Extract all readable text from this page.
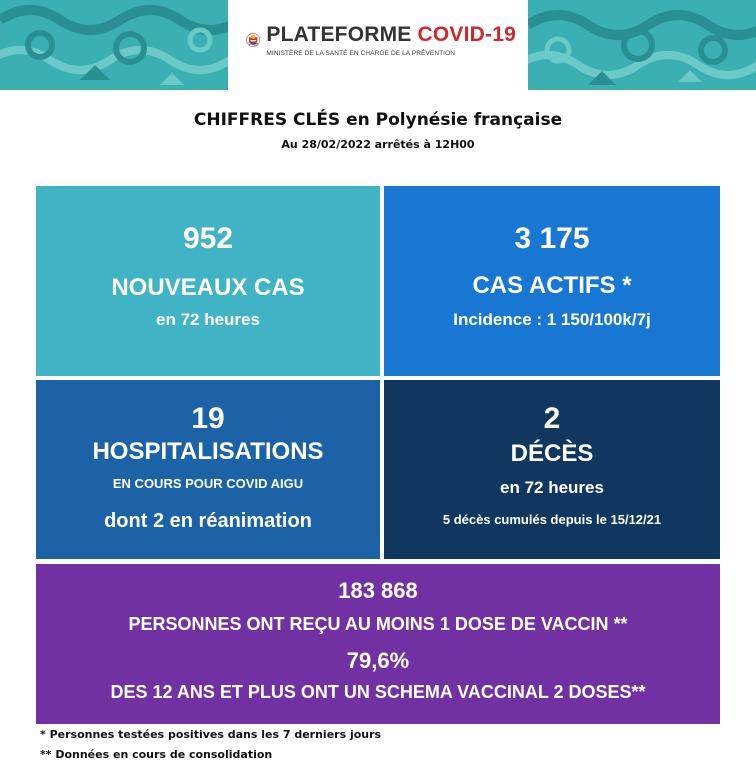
PLATEFORME COVID-19
MINISTÈRE DE LA SANTÉ EN CHARGE DE LA PRÉVENTION
CHIFFRES CLÉS en Polynésie française
Au 28/02/2022 arrêtés à 12H00
952
NOUVEAUX CAS
en 72 heures
3 175
CAS ACTIFS *
Incidence : 1 150/100k/7j
19
HOSPITALISATIONS
EN COURS POUR COVID AIGU
dont 2 en réanimation
2
DÉCÈS
en 72 heures
5 décès cumulés depuis le 15/12/21
183 868
PERSONNES ONT REÇU AU MOINS 1 DOSE DE VACCIN **
79,6%
DES 12 ANS ET PLUS ONT UN SCHEMA VACCINAL 2 DOSES**
* Personnes testées positives dans les 7 derniers jours
** Données en cours de consolidation
